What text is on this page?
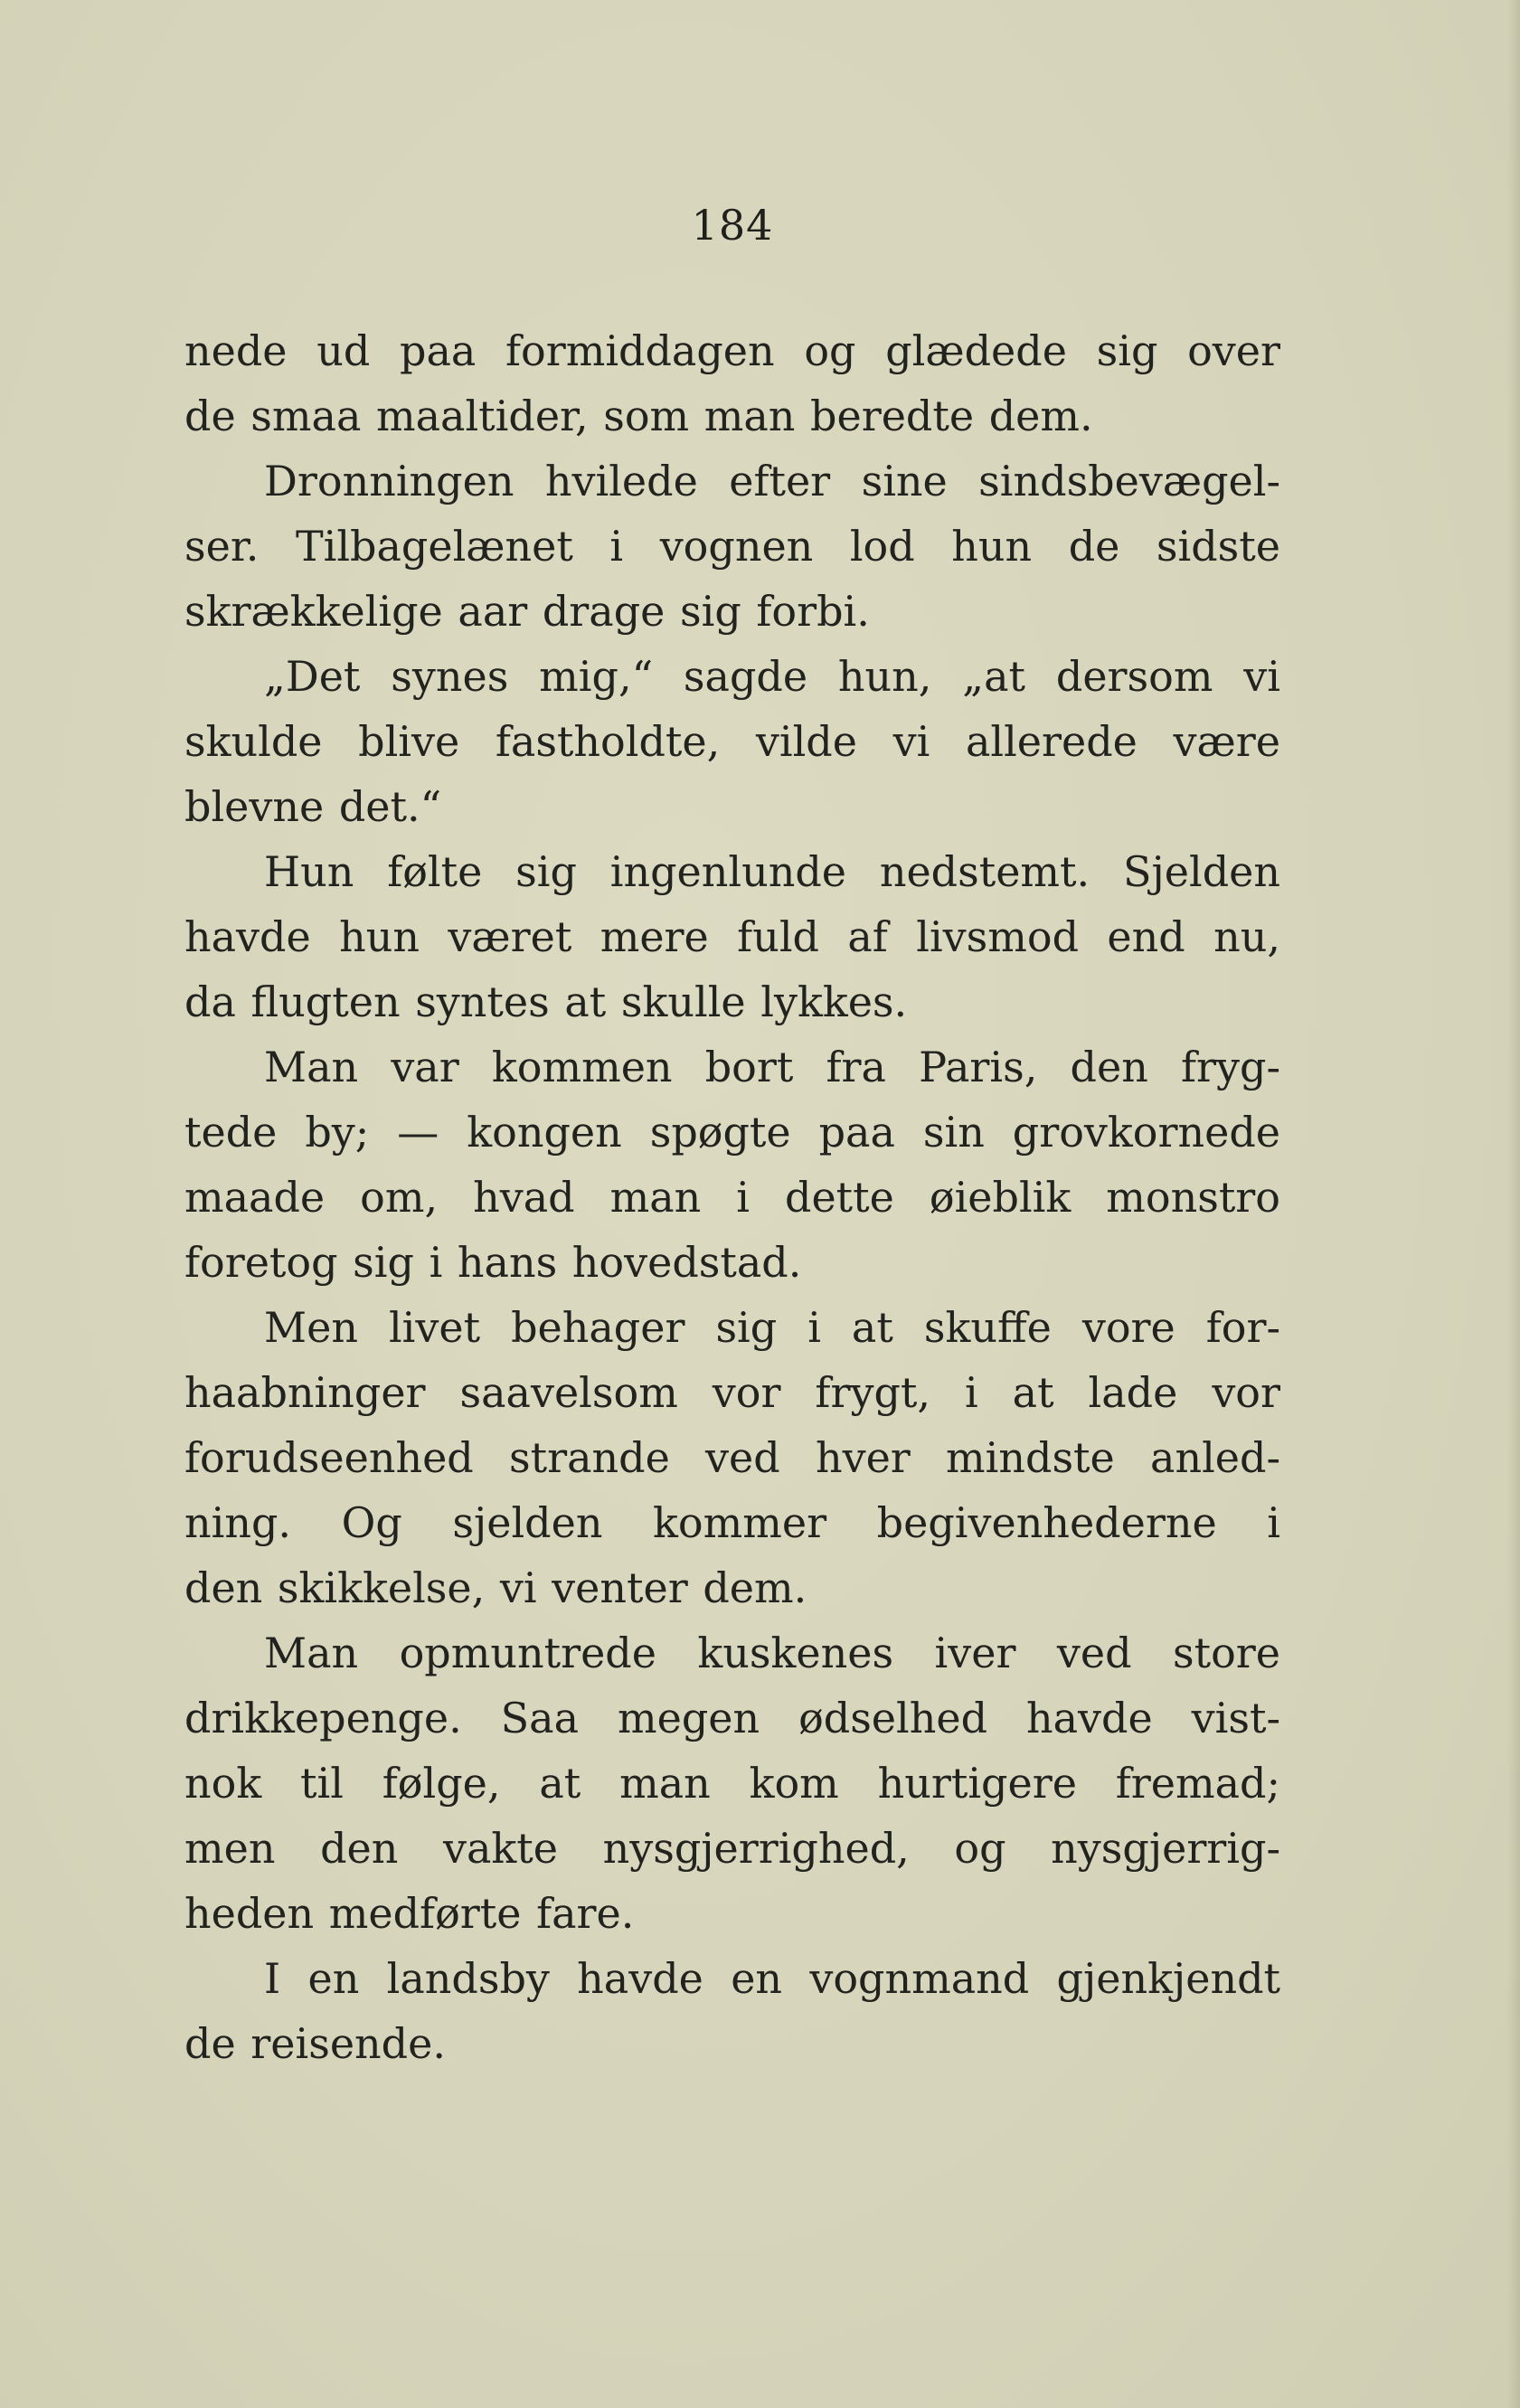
184
nede ud paa formiddagen og glædede sig over
de smaa maaltider, som man beredte dem.
Dronningen hvilede efter sine sindsbevægel-
ser. Tilbagelænet i vognen lod hun de sidste
skrækkelige aar drage sig forbi.
„Det synes mig,“ sagde hun, „at dersom vi
skulde blive fastholdte, vilde vi allerede være
blevne det.“
Hun følte sig ingenlunde nedstemt. Sjelden
havde hun været mere fuld af livsmod end nu,
da flugten syntes at skulle lykkes.
Man var kommen bort fra Paris, den fryg-
tede by; — kongen spøgte paa sin grovkornede
maade om, hvad man i dette øieblik monstro
foretog sig i hans hovedstad.
Men livet behager sig i at skuffe vore for-
haabninger saavelsom vor frygt, i at lade vor
forudseenhed strande ved hver mindste anled-
ning. Og sjelden kommer begivenhederne i
den skikkelse, vi venter dem.
Man opmuntrede kuskenes iver ved store
drikkepenge. Saa megen ødselhed havde vist-
nok til følge, at man kom hurtigere fremad;
men den vakte nysgjerrighed, og nysgjerrig-
heden medførte fare.
I en landsby havde en vognmand gjenkjendt
de reisende.
